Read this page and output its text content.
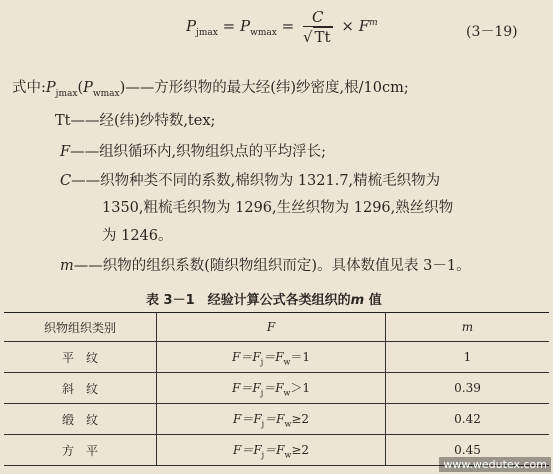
$P_{jmax} = P_{wmax} = \frac{C}{√ Tt} \times F^m$
(3－19)
式中$:P_{jmax}(P_{wmax})——$方形织物的最大经(纬)纱密度,根/10cm;
Tt——经(纬)纱特数,tex;
F——组织循环内,织物组织点的平均浮长;
C——织物种类不同的系数,棉织物为 1321.7,精梳毛织物为
1350,粗梳毛织物为 1296,生丝织物为 1296,熟丝织物
为 1246。
m——织物的组织系数(随织物组织而定)。具体数值见表 3－1。
表 3－1　经验计算公式各类组织的m 值
织物组织类别	F	m
平　纹	$F=F_j=F_w=1$	1
斜　纹	$F=F_j=F_w>1$	0.39
缎　纹	$F=F_j=F_w\ge 2$	0.42
方　平	$F=F_j=F_w\ge 2$	0.45
www.wedutex.com
